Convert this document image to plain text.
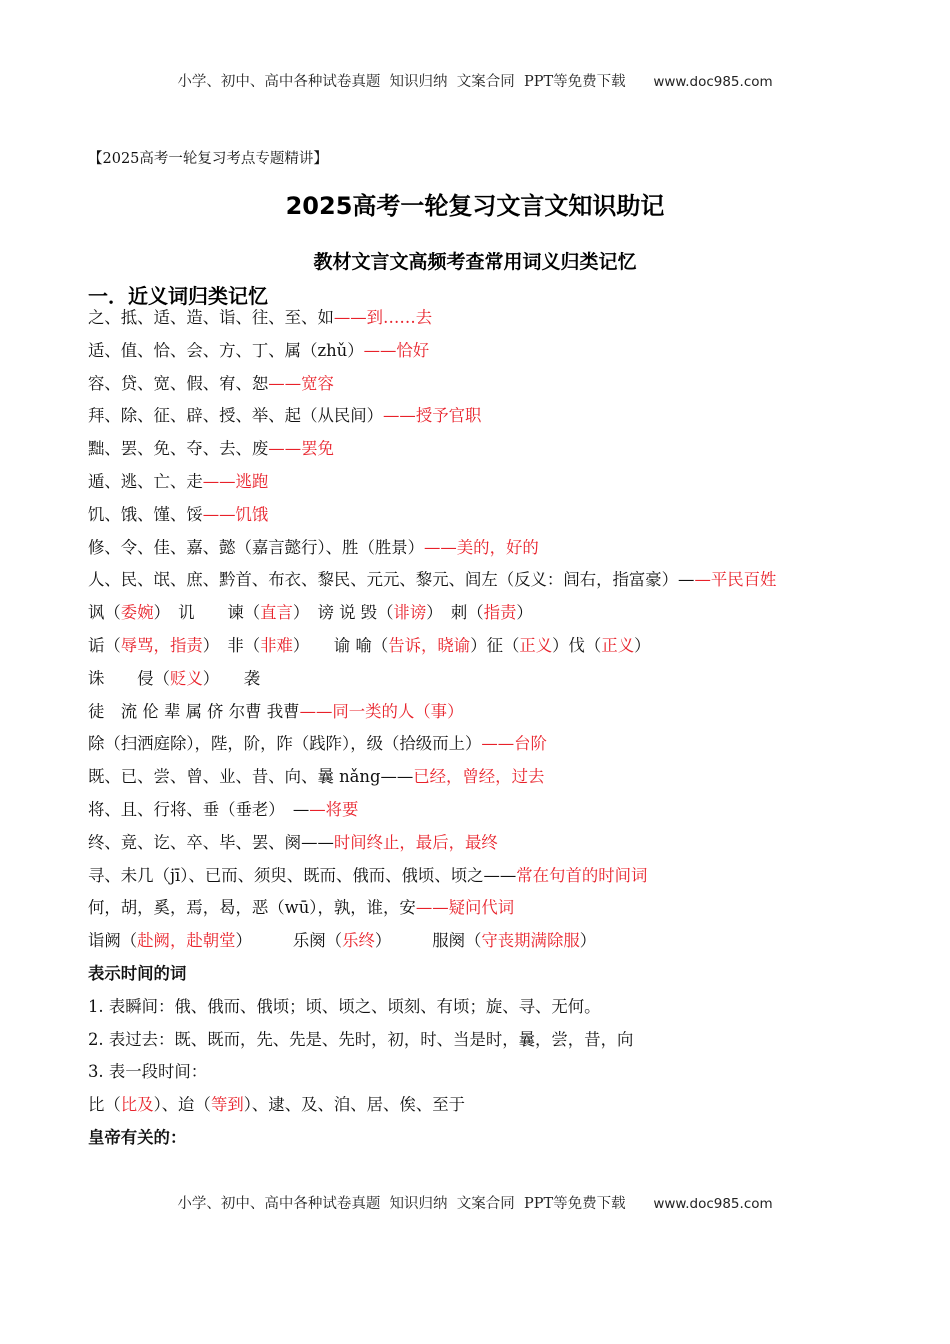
小学、初中、高中各种试卷真题  知识归纳  文案合同  PPT等免费下载 www.doc985.com
【2025高考一轮复习考点专题精讲】
2025高考一轮复习文言文知识助记
教材文言文高频考查常用词义归类记忆
一．近义词归类记忆
之、抵、适、造、诣、往、至、如——到……去
适、值、恰、会、方、丁、属（zhǔ）——恰好
容、贷、宽、假、宥、恕——宽容
拜、除、征、辟、授、举、起（从民间）——授予官职
黜、罢、免、夺、去、废——罢免
遁、逃、亡、走——逃跑
饥、饿、馑、馁——饥饿
修、令、佳、嘉、懿（嘉言懿行）、胜（胜景）——美的，好的
人、民、氓、庶、黔首、布衣、黎民、元元、黎元、闾左（反义：闾右，指富豪）——平民百姓
讽（委婉）　讥　　谏（直言）　谤 说 毁（诽谤）　刺（指责）
诟（辱骂，指责）　非（非难）　　谕 喻（告诉，晓谕）征（正义）伐（正义）
诛　　侵（贬义）　　袭
徒　流 伦 辈 属 侪 尔曹 我曹——同一类的人（事）
除（扫洒庭除），陛，阶，阼（践阼），级（拾级而上）——台阶
既、已、尝、曾、业、昔、向、曩 nǎng——已经，曾经，过去
将、且、行将、垂（垂老）　——将要
终、竟、讫、卒、毕、罢、阕——时间终止，最后，最终
寻、未几（jī）、已而、须臾、既而、俄而、俄顷、顷之——常在句首的时间词
何，胡，奚，焉，曷，恶（wū），孰，谁，安——疑问代词
诣阙（赴阙，赴朝堂）　　　乐阕（乐终）　　　服阕（守丧期满除服）
表示时间的词
1. 表瞬间：俄、俄而、俄顷；顷、顷之、顷刻、有顷；旋、寻、无何。
2. 表过去：既、既而，先、先是、先时，初，时、当是时，曩，尝，昔，向
3. 表一段时间：
比（比及）、迨（等到）、逮、及、洎、居、俟、至于
皇帝有关的：
小学、初中、高中各种试卷真题  知识归纳  文案合同  PPT等免费下载 www.doc985.com
